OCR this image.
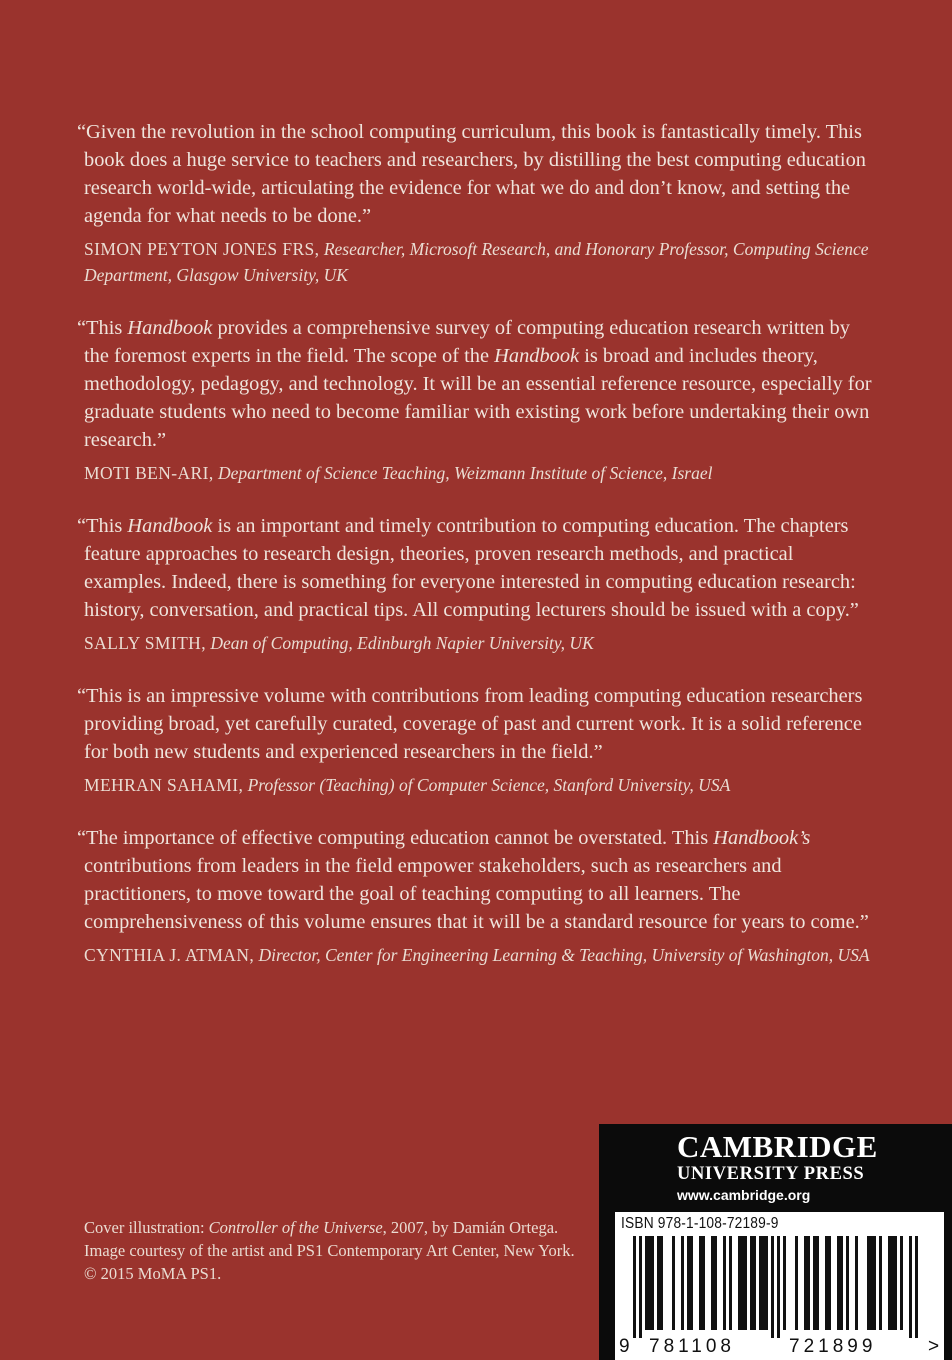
“Given the revolution in the school computing curriculum, this book is fantastically timely. This book does a huge service to teachers and researchers, by distilling the best computing education research world-wide, articulating the evidence for what we do and don’t know, and setting the agenda for what needs to be done.”

SIMON PEYTON JONES FRS, Researcher, Microsoft Research, and Honorary Professor, Computing Science Department, Glasgow University, UK

“This Handbook provides a comprehensive survey of computing education research written by the foremost experts in the field. The scope of the Handbook is broad and includes theory, methodology, pedagogy, and technology. It will be an essential reference resource, especially for graduate students who need to become familiar with existing work before undertaking their own research.”

MOTI BEN-ARI, Department of Science Teaching, Weizmann Institute of Science, Israel

“This Handbook is an important and timely contribution to computing education. The chapters feature approaches to research design, theories, proven research methods, and practical examples. Indeed, there is something for everyone interested in computing education research: history, conversation, and practical tips. All computing lecturers should be issued with a copy.”

SALLY SMITH, Dean of Computing, Edinburgh Napier University, UK

“This is an impressive volume with contributions from leading computing education researchers providing broad, yet carefully curated, coverage of past and current work. It is a solid reference for both new students and experienced researchers in the field.”

MEHRAN SAHAMI, Professor (Teaching) of Computer Science, Stanford University, USA

“The importance of effective computing education cannot be overstated. This Handbook’s contributions from leaders in the field empower stakeholders, such as researchers and practitioners, to move toward the goal of teaching computing to all learners. The comprehensiveness of this volume ensures that it will be a standard resource for years to come.”

CYNTHIA J. ATMAN, Director, Center for Engineering Learning & Teaching, University of Washington, USA

Cover illustration: Controller of the Universe, 2007, by Damián Ortega. Image courtesy of the artist and PS1 Contemporary Art Center, New York. © 2015 MoMA PS1.
CAMBRIDGE
UNIVERSITY PRESS
www.cambridge.org
ISBN 978-1-108-72189-9
9 781108	721899	>
